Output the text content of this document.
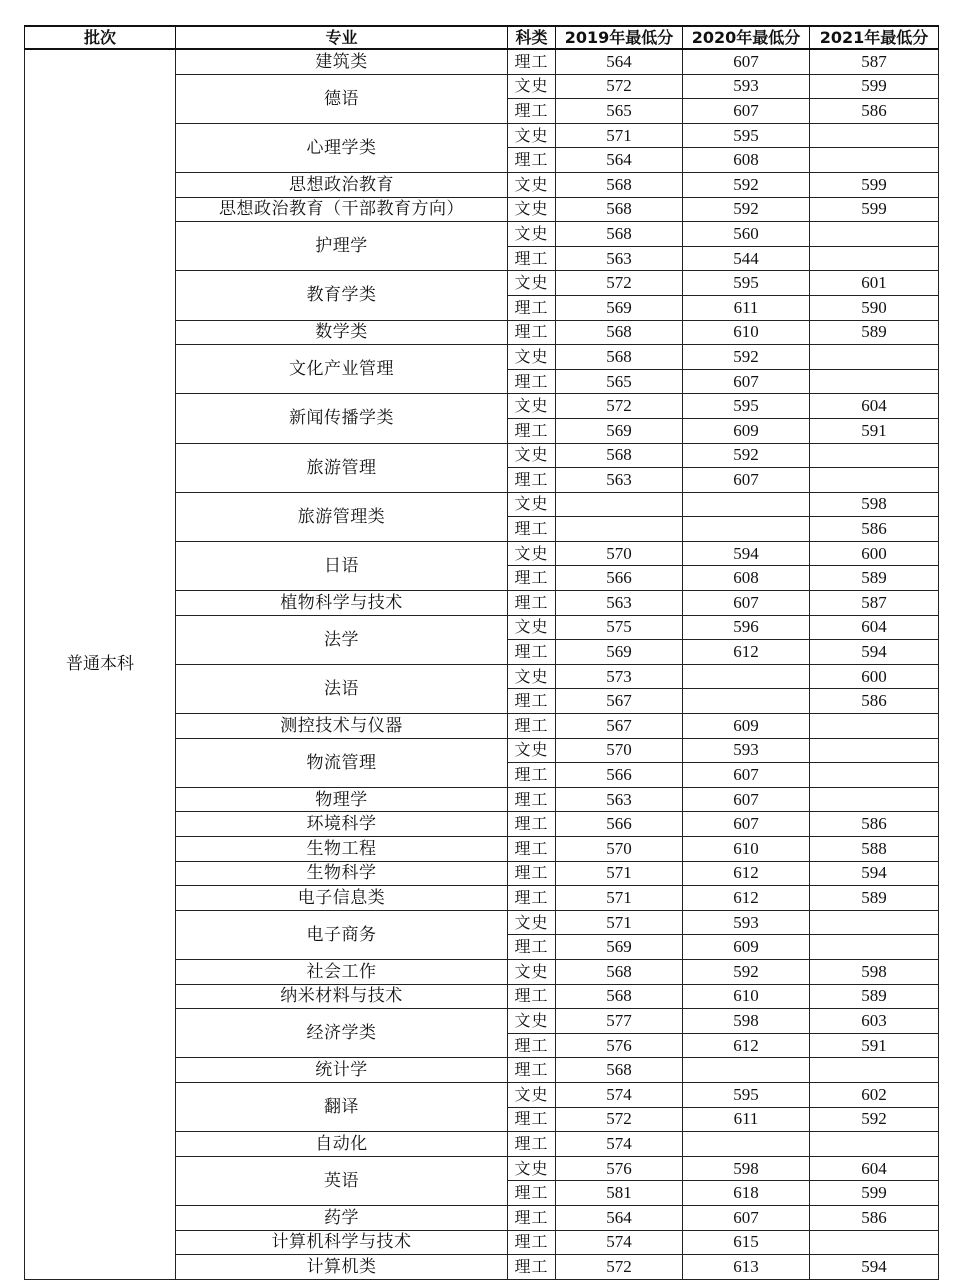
批次	专业	科类	2019年最低分	2020年最低分	2021年最低分
普通本科	建筑类	理工	564	607	587
	德语	文史	572	593	599
		理工	565	607	586
	心理学类	文史	571	595	
		理工	564	608	
	思想政治教育	文史	568	592	599
	思想政治教育（干部教育方向）	文史	568	592	599
	护理学	文史	568	560	
		理工	563	544	
	教育学类	文史	572	595	601
		理工	569	611	590
	数学类	理工	568	610	589
	文化产业管理	文史	568	592	
		理工	565	607	
	新闻传播学类	文史	572	595	604
		理工	569	609	591
	旅游管理	文史	568	592	
		理工	563	607	
	旅游管理类	文史			598
		理工			586
	日语	文史	570	594	600
		理工	566	608	589
	植物科学与技术	理工	563	607	587
	法学	文史	575	596	604
		理工	569	612	594
	法语	文史	573		600
		理工	567		586
	测控技术与仪器	理工	567	609	
	物流管理	文史	570	593	
		理工	566	607	
	物理学	理工	563	607	
	环境科学	理工	566	607	586
	生物工程	理工	570	610	588
	生物科学	理工	571	612	594
	电子信息类	理工	571	612	589
	电子商务	文史	571	593	
		理工	569	609	
	社会工作	文史	568	592	598
	纳米材料与技术	理工	568	610	589
	经济学类	文史	577	598	603
		理工	576	612	591
	统计学	理工	568		
	翻译	文史	574	595	602
		理工	572	611	592
	自动化	理工	574		
	英语	文史	576	598	604
		理工	581	618	599
	药学	理工	564	607	586
	计算机科学与技术	理工	574	615	
	计算机类	理工	572	613	594
